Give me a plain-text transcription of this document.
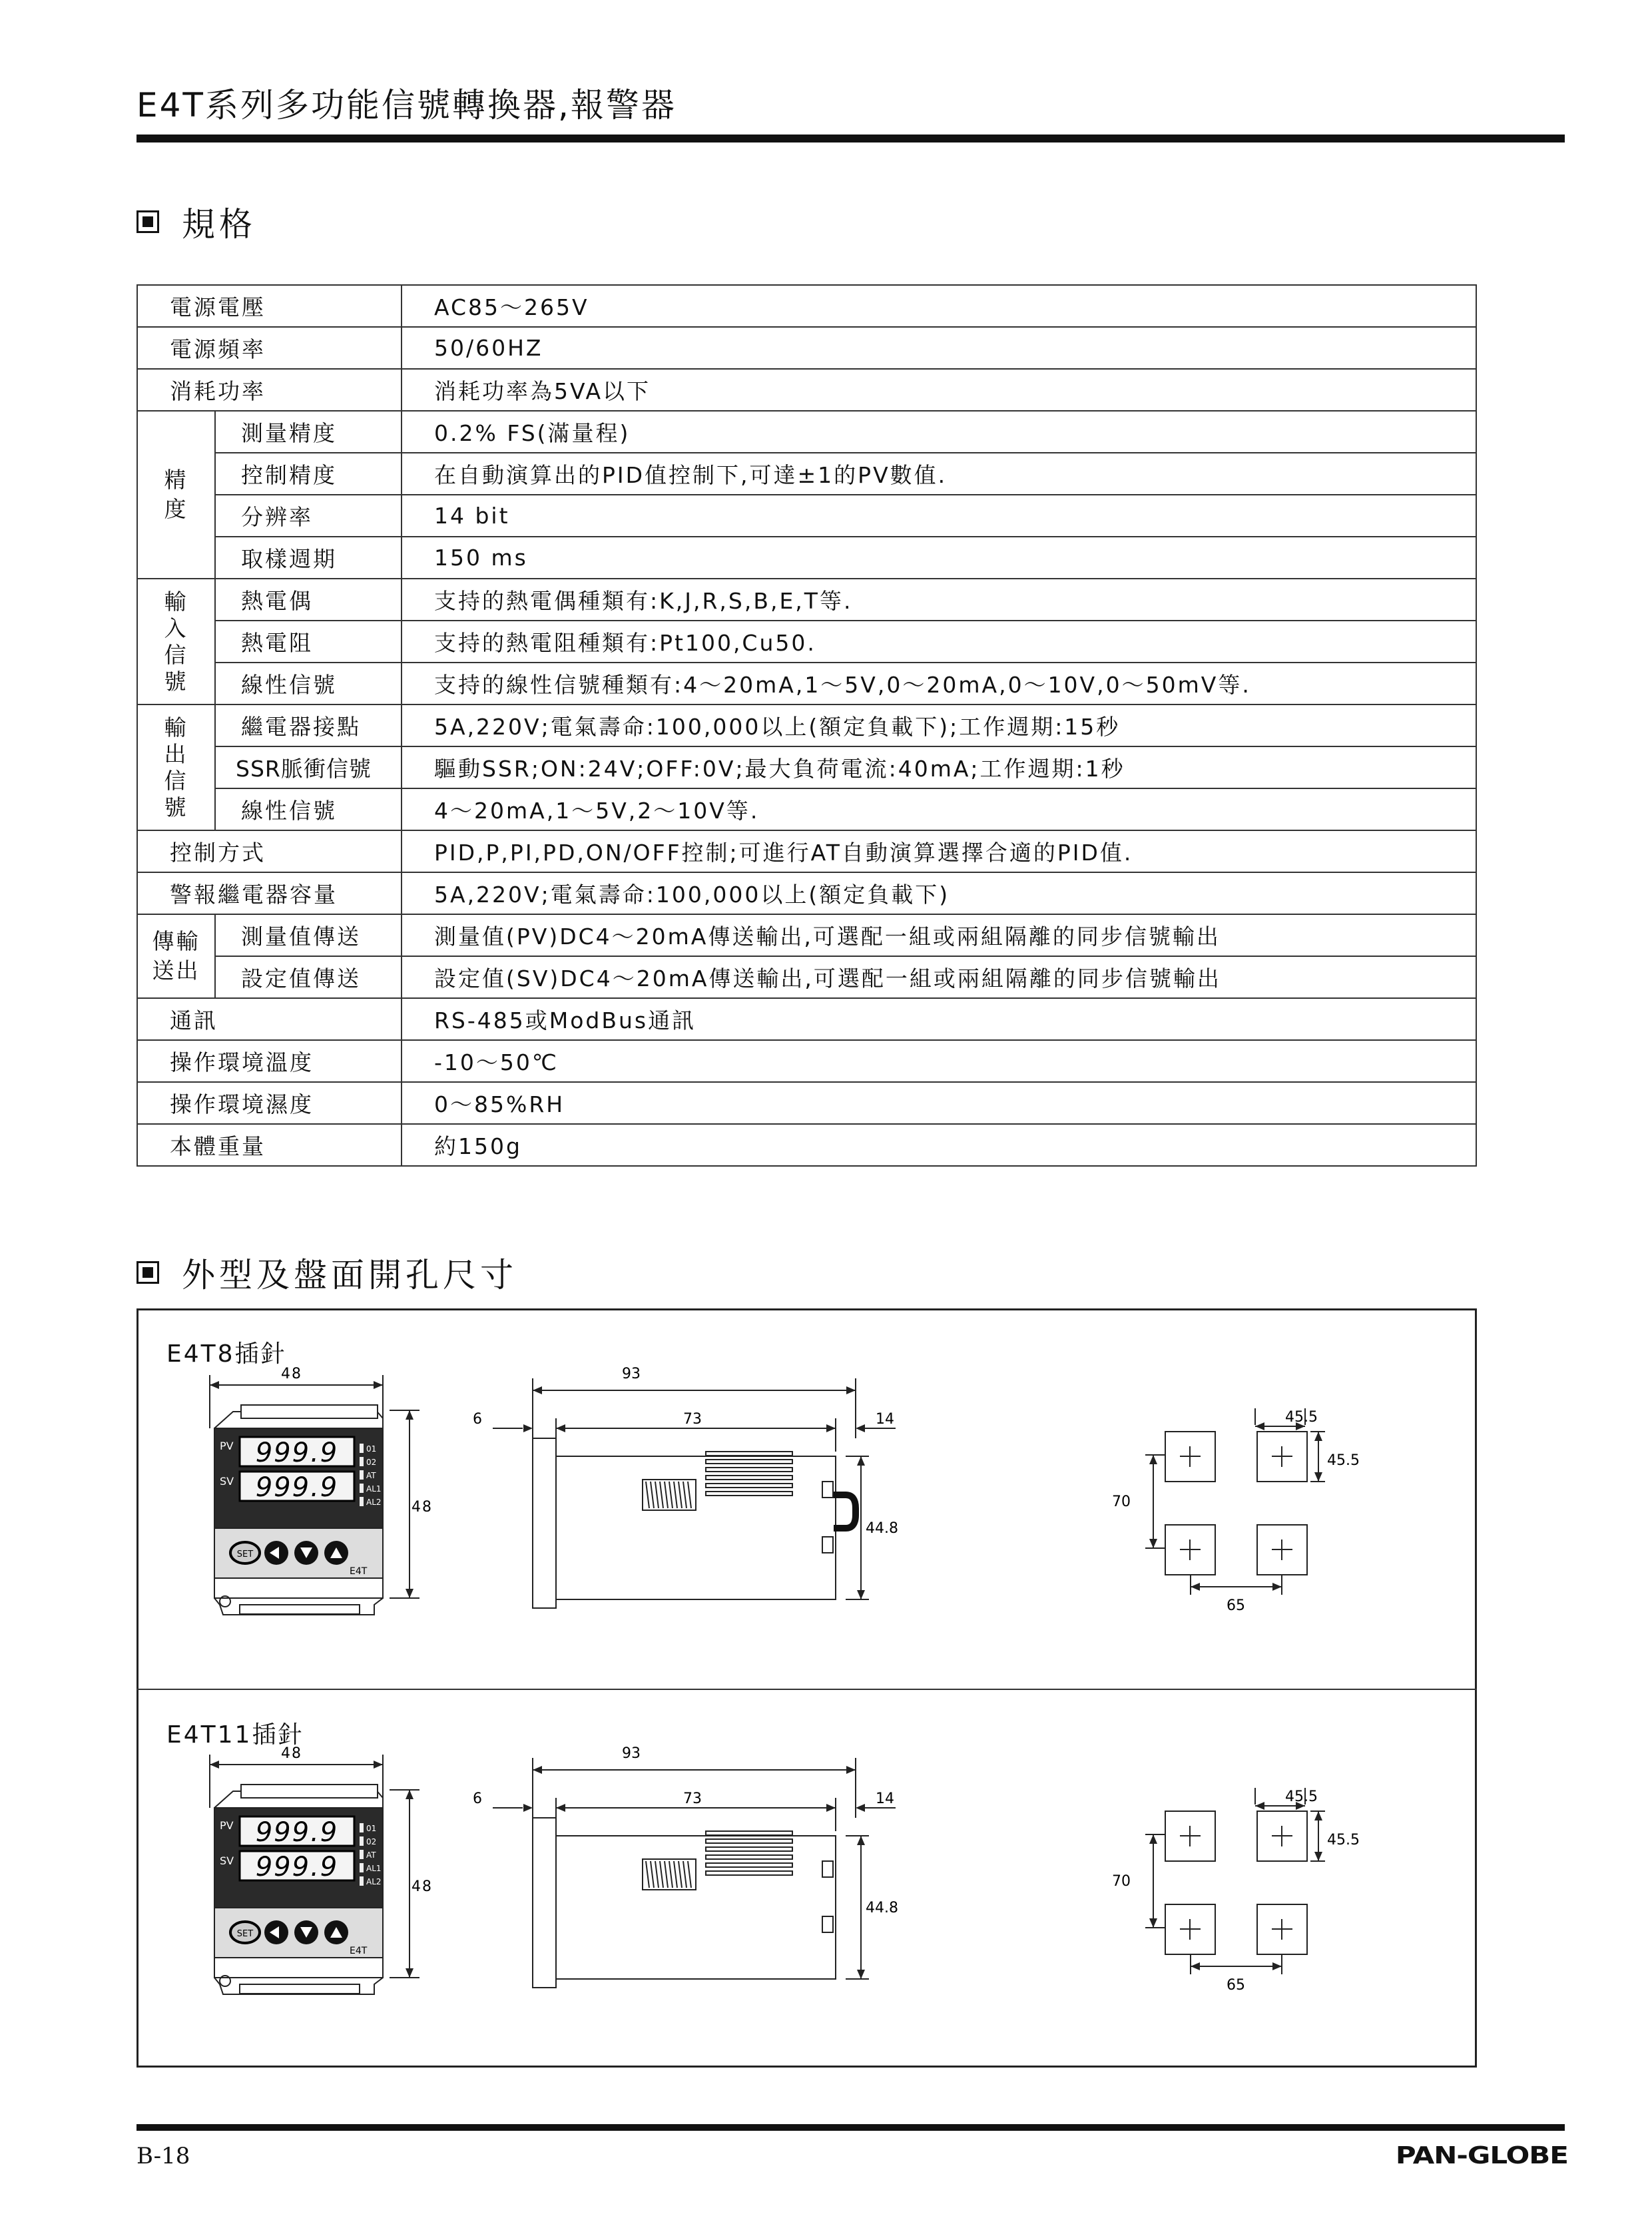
E4T系列多功能信號轉換器,報警器
規格
電源電壓		AC85～265V
電源頻率		50/60HZ
消耗功率		消耗功率為5VA以下

精度	測量精度	0.2% FS(滿量程)
	控制精度	在自動演算出的PID值控制下,可達±1的PV數值.
	分辨率	14 bit
	取樣週期	150 ms

輸入信號	熱電偶	支持的熱電偶種類有:K,J,R,S,B,E,T等.
	熱電阻	支持的熱電阻種類有:Pt100,Cu50.
	線性信號	支持的線性信號種類有:4～20mA,1～5V,0～20mA,0～10V,0～50mV等.

輸出信號	繼電器接點	5A,220V;電氣壽命:100,000以上(額定負載下);工作週期:15秒
	SSR脈衝信號	驅動SSR;ON:24V;OFF:0V;最大負荷電流:40mA;工作週期:1秒
	線性信號	4～20mA,1～5V,2～10V等.
控制方式		PID,P,PI,PD,ON/OFF控制;可進行AT自動演算選擇合適的PID值.
警報繼電器容量		5A,220V;電氣壽命:100,000以上(額定負載下)

傳輸送出	測量值傳送	測量值(PV)DC4～20mA傳送輸出,可選配一組或兩組隔離的同步信號輸出
	設定值傳送	設定值(SV)DC4～20mA傳送輸出,可選配一組或兩組隔離的同步信號輸出
通訊		RS-485或ModBus通訊
操作環境溫度		-10～50℃
操作環境濕度		0～85%RH
本體重量		約150g
外型及盤面開孔尺寸
E4T8插針
E4T11插針
48
PV
SV
999.9
999.9
01
02
AT
AL1
AL2
SET
E4T
48
93
6	73	14
44.8
45.5
45.5
70
65
48
PV
SV
999.9
999.9
01
02
AT
AL1
AL2
SET
E4T
48
93
6	73	14
44.8
45.5
45.5
70
65
B-18	PAN-GLOBE
